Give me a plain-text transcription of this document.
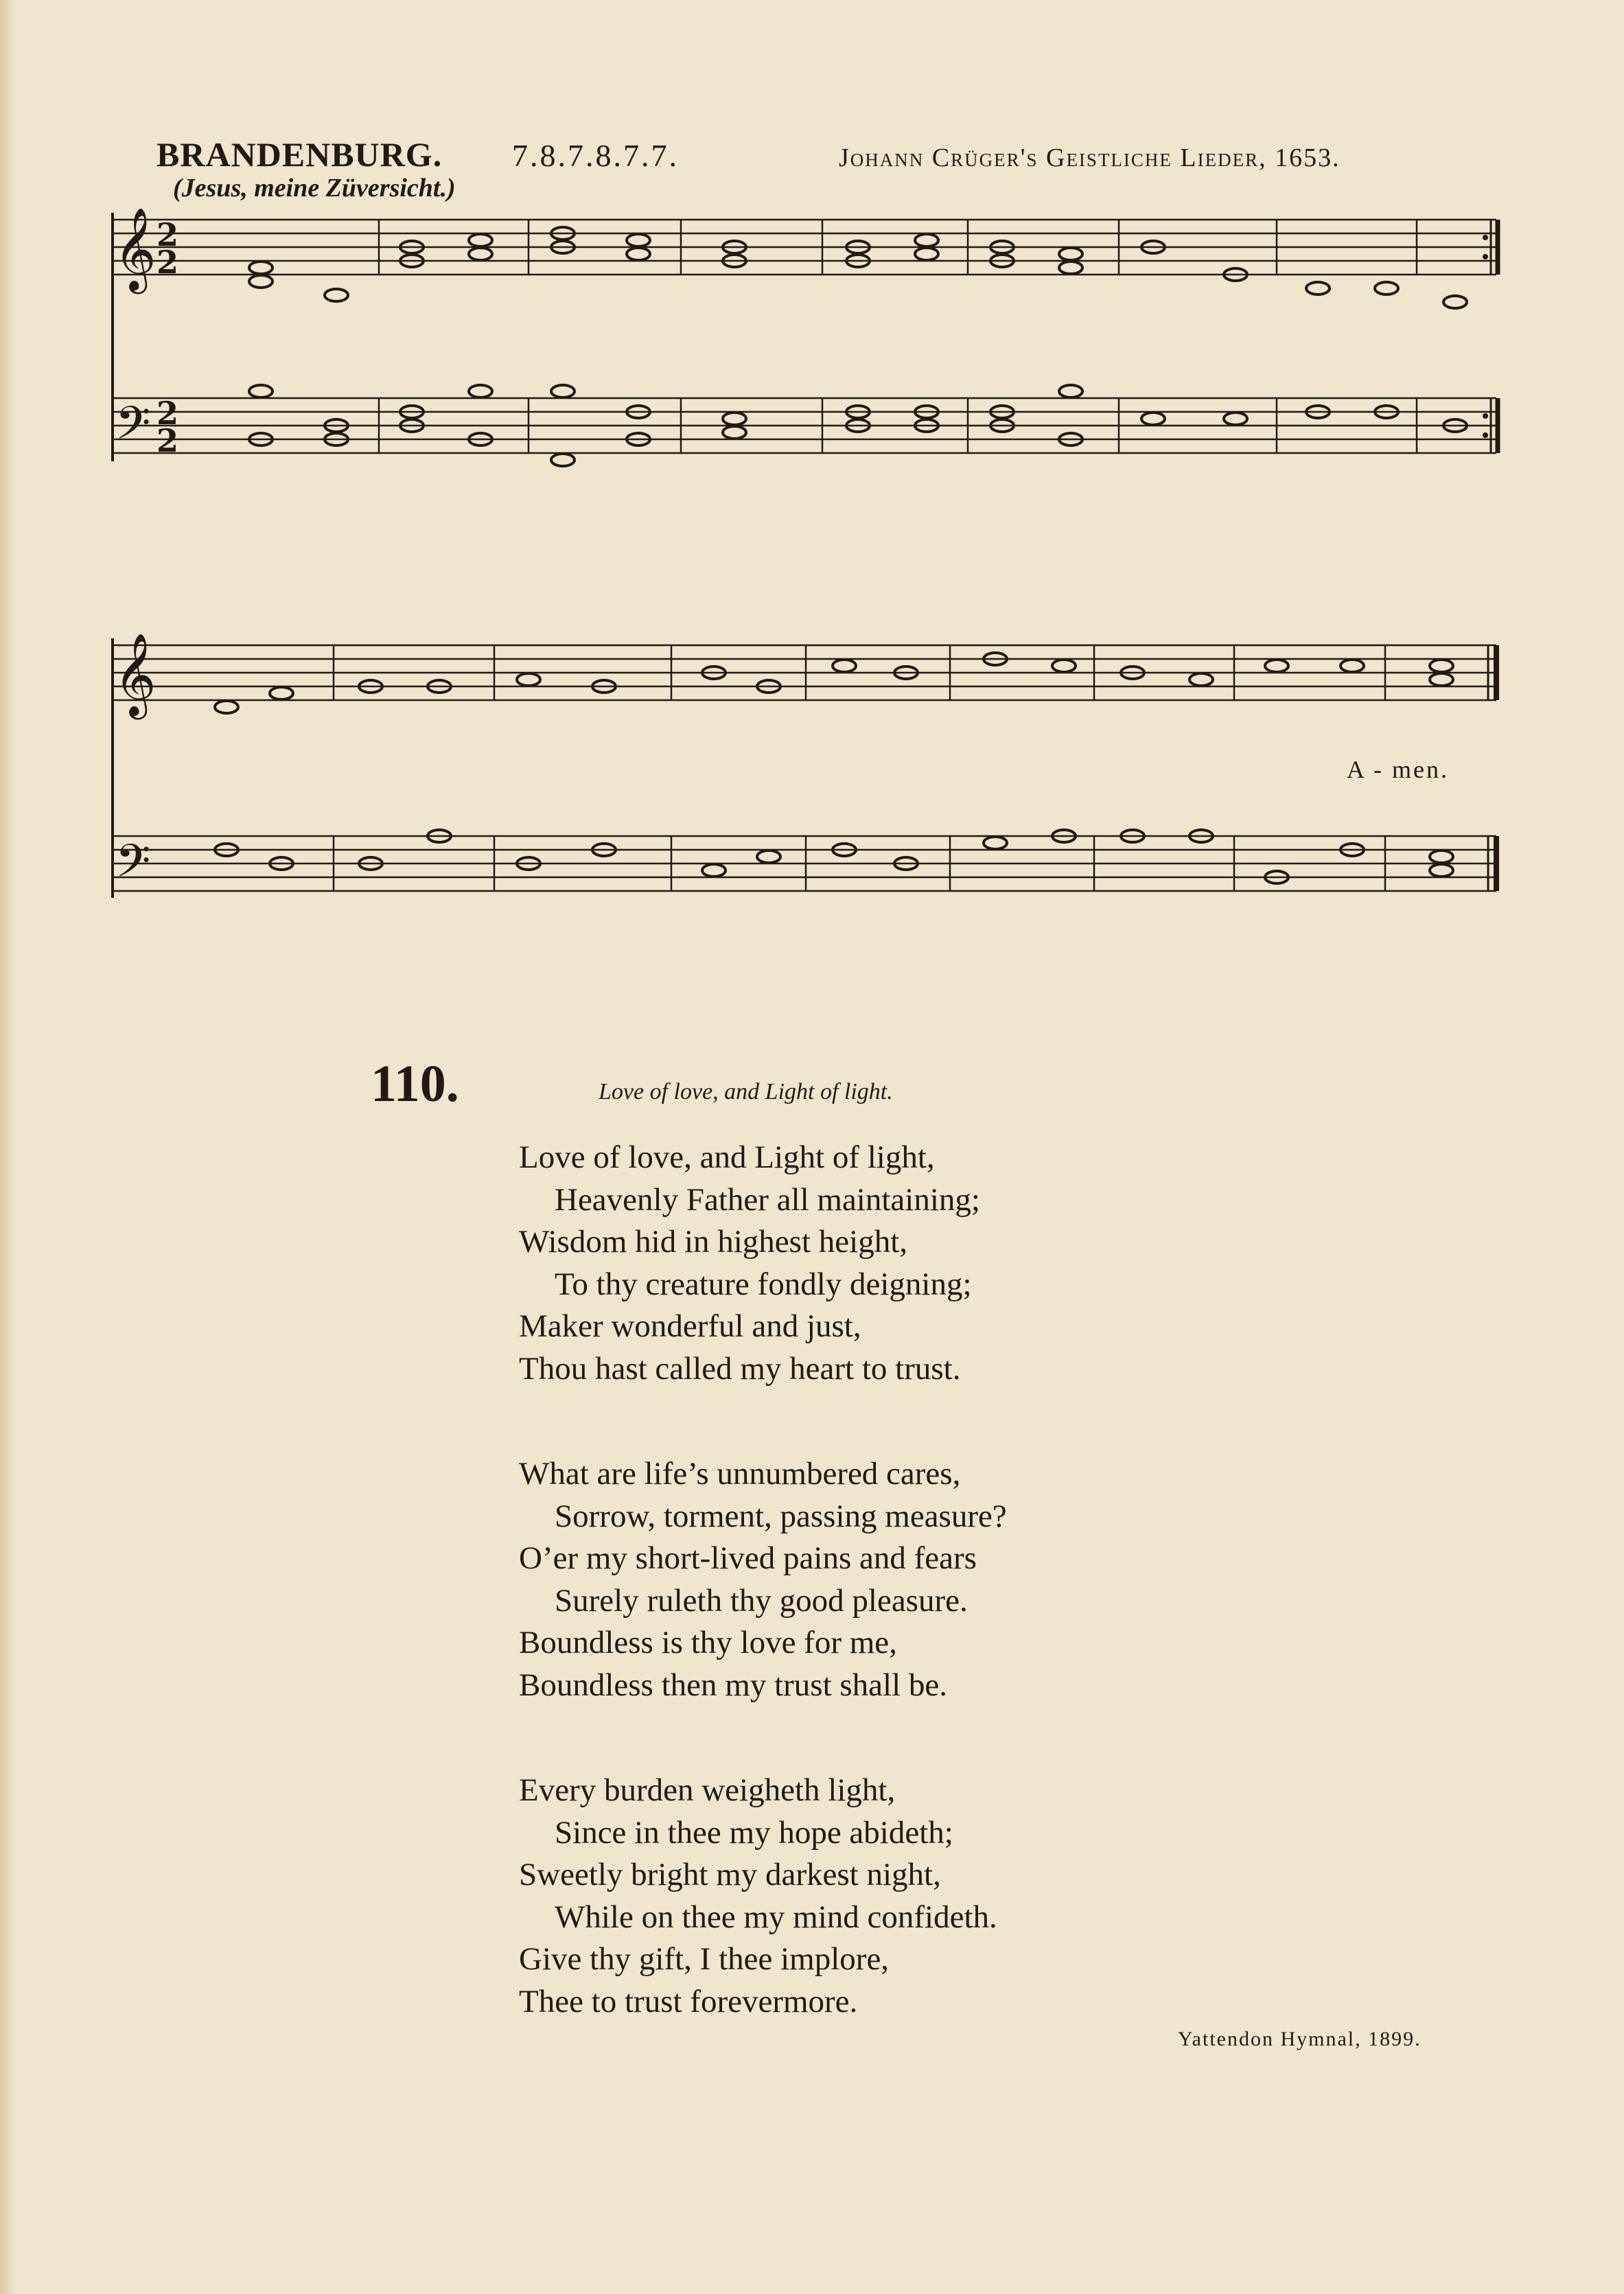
BRANDENBURG. 7.8.7.8.7.7.	Johann Crüger's Geistliche Lieder, 1653.
(Jesus, meine Züversicht.)
𝄞
𝄢
2
2
2
2
𝄞
𝄢
A - men.
110.	Love of love, and Light of light.
Love of love, and Light of light,
Heavenly Father all maintaining;
Wisdom hid in highest height,
To thy creature fondly deigning;
Maker wonderful and just,
Thou hast called my heart to trust.
What are life’s unnumbered cares,
Sorrow, torment, passing measure?
O’er my short-lived pains and fears
Surely ruleth thy good pleasure.
Boundless is thy love for me,
Boundless then my trust shall be.
Every burden weigheth light,
Since in thee my hope abideth;
Sweetly bright my darkest night,
While on thee my mind confideth.
Give thy gift, I thee implore,
Thee to trust forevermore.
Yattendon Hymnal, 1899.
